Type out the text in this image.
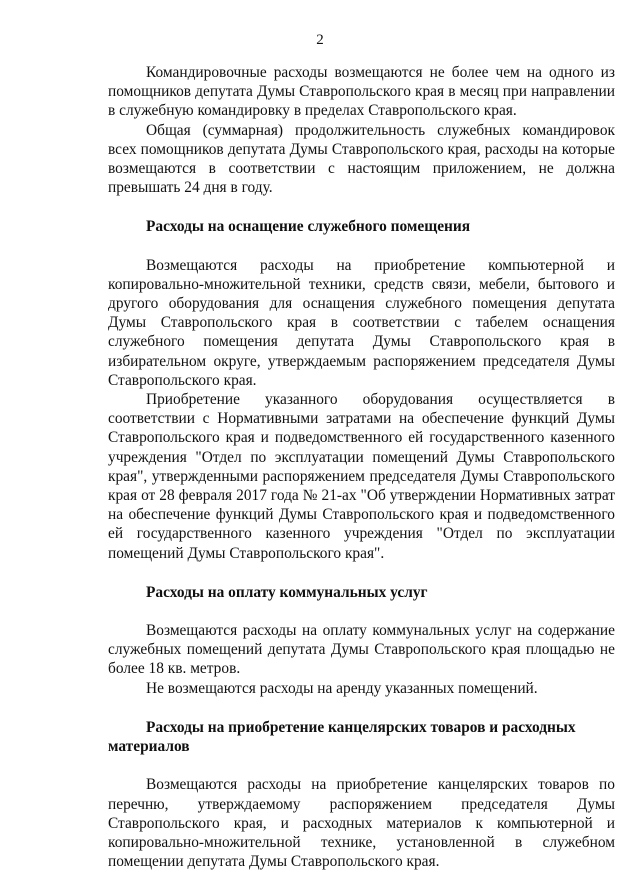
2

Командировочные расходы возмещаются не более чем на одного из помощников депутата Думы Ставропольского края в месяц при направлении в служебную командировку в пределах Ставропольского края.

Общая (суммарная) продолжительность служебных командировок всех помощников депутата Думы Ставропольского края, расходы на которые возмещаются в соответствии с настоящим приложением, не должна превышать 24 дня в году.

Расходы на оснащение служебного помещения

Возмещаются расходы на приобретение компьютерной и копировально-множительной техники, средств связи, мебели, бытового и другого оборудования для оснащения служебного помещения депутата Думы Ставропольского края в соответствии с табелем оснащения служебного помещения депутата Думы Ставропольского края в избирательном округе, утверждаемым распоряжением председателя Думы Ставропольского края.

Приобретение указанного оборудования осуществляется в соответствии с Нормативными затратами на обеспечение функций Думы Ставропольского края и подведомственного ей государственного казенного учреждения "Отдел по эксплуатации помещений Думы Ставропольского края", утвержденными распоряжением председателя Думы Ставропольского края от 28 февраля 2017 года № 21-ах "Об утверждении Нормативных затрат на обеспечение функций Думы Ставропольского края и подведомственного ей государственного казенного учреждения "Отдел по эксплуатации помещений Думы Ставропольского края".

Расходы на оплату коммунальных услуг

Возмещаются расходы на оплату коммунальных услуг на содержание служебных помещений депутата Думы Ставропольского края площадью не более 18 кв. метров.

Не возмещаются расходы на аренду указанных помещений.

Расходы на приобретение канцелярских товаров и расходных материалов

Возмещаются расходы на приобретение канцелярских товаров по перечню, утверждаемому распоряжением председателя Думы Ставропольского края, и расходных материалов к компьютерной и копировально-множительной технике, установленной в служебном помещении депутата Думы Ставропольского края.
